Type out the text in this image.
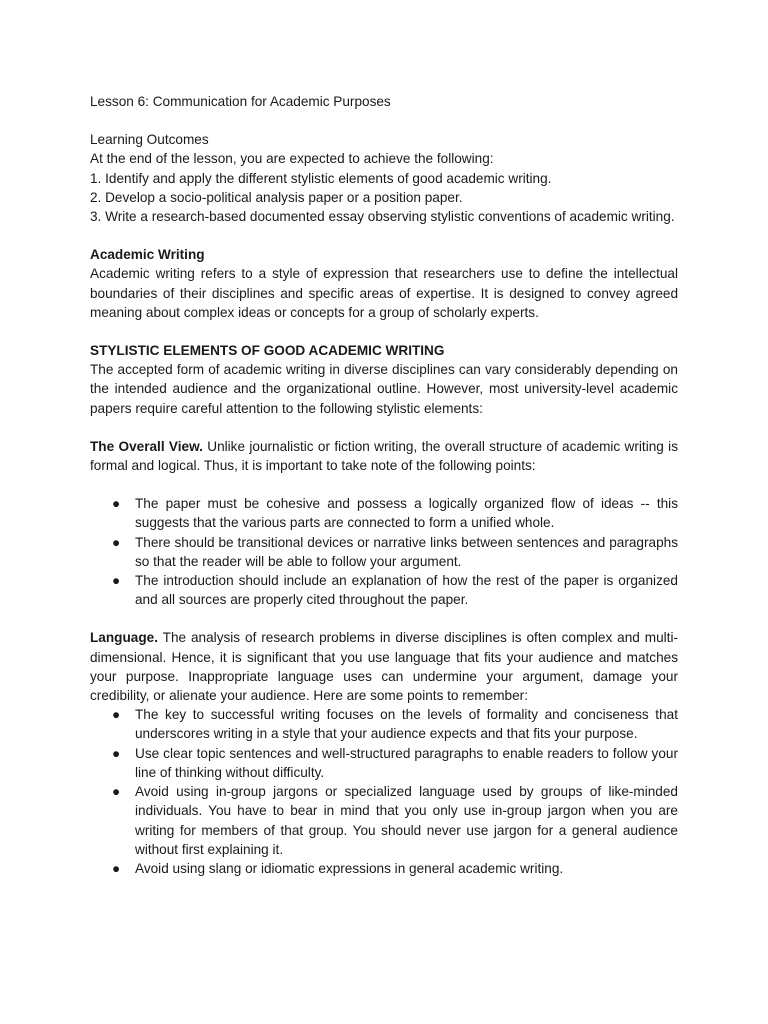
Lesson 6: Communication for Academic Purposes

Learning Outcomes

At the end of the lesson, you are expected to achieve the following:

1. Identify and apply the different stylistic elements of good academic writing.

2. Develop a socio-political analysis paper or a position paper.

3. Write a research-based documented essay observing stylistic conventions of academic writing.

Academic Writing

Academic writing refers to a style of expression that researchers use to define the intellectual boundaries of their disciplines and specific areas of expertise. It is designed to convey agreed meaning about complex ideas or concepts for a group of scholarly experts.

STYLISTIC ELEMENTS OF GOOD ACADEMIC WRITING

The accepted form of academic writing in diverse disciplines can vary considerably depending on the intended audience and the organizational outline. However, most university-level academic papers require careful attention to the following stylistic elements:

The Overall View. Unlike journalistic or fiction writing, the overall structure of academic writing is formal and logical. Thus, it is important to take note of the following points:

●	The paper must be cohesive and possess a logically organized flow of ideas -- this suggests that the various parts are connected to form a unified whole.
●	There should be transitional devices or narrative links between sentences and paragraphs so that the reader will be able to follow your argument.
●	The introduction should include an explanation of how the rest of the paper is organized and all sources are properly cited throughout the paper.

Language. The analysis of research problems in diverse disciplines is often complex and multi-dimensional. Hence, it is significant that you use language that fits your audience and matches your purpose. Inappropriate language uses can undermine your argument, damage your credibility, or alienate your audience. Here are some points to remember:

●	The key to successful writing focuses on the levels of formality and conciseness that underscores writing in a style that your audience expects and that fits your purpose.
●	Use clear topic sentences and well-structured paragraphs to enable readers to follow your line of thinking without difficulty.
●	Avoid using in-group jargons or specialized language used by groups of like-minded individuals. You have to bear in mind that you only use in-group jargon when you are writing for members of that group. You should never use jargon for a general audience without first explaining it.
●	Avoid using slang or idiomatic expressions in general academic writing.
